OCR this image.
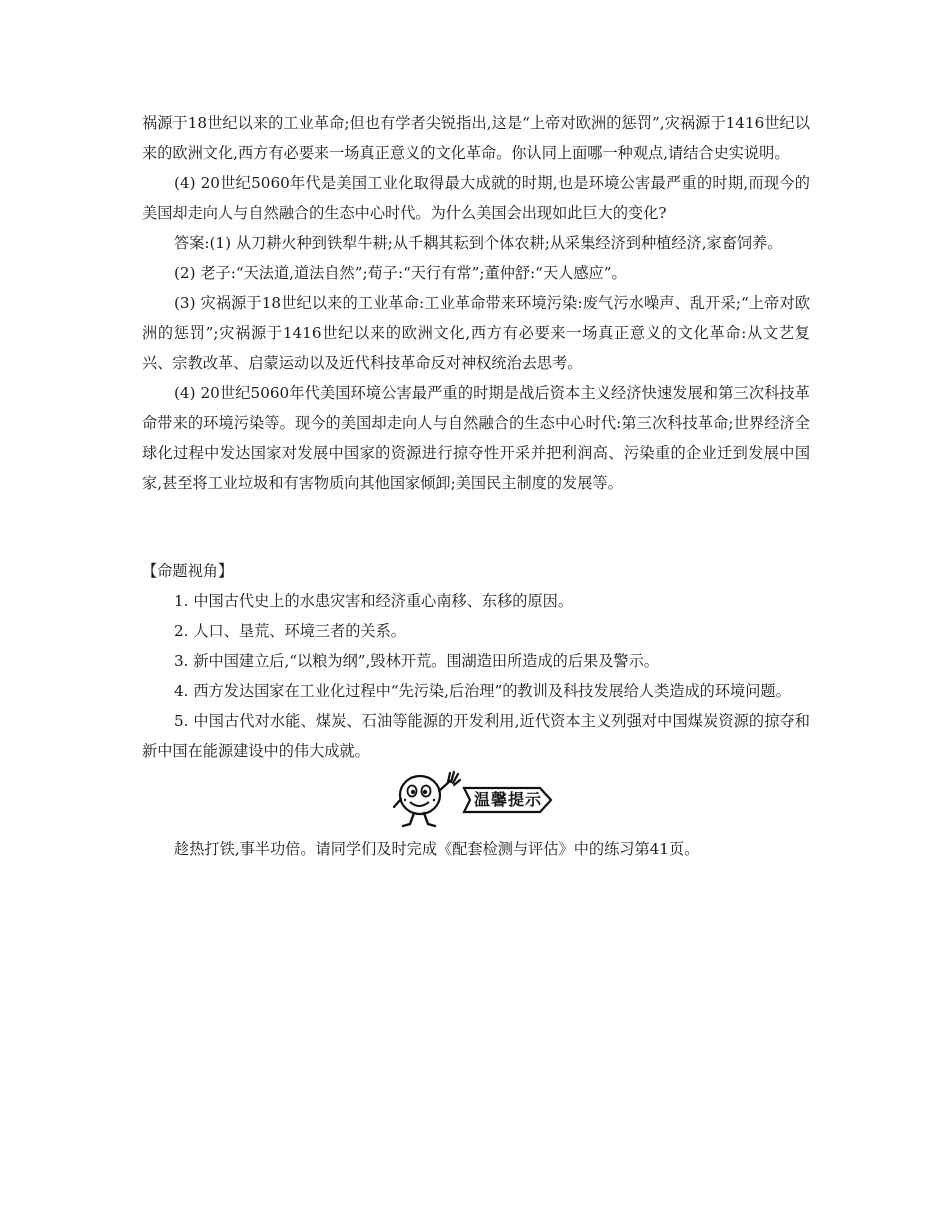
祸源于18世纪以来的工业革命;但也有学者尖锐指出,这是“上帝对欧洲的惩罚”,灾祸源于1416世纪以来的欧洲文化,西方有必要来一场真正意义的文化革命。你认同上面哪一种观点,请结合史实说明。

(4) 20世纪5060年代是美国工业化取得最大成就的时期,也是环境公害最严重的时期,而现今的美国却走向人与自然融合的生态中心时代。为什么美国会出现如此巨大的变化?

答案:(1) 从刀耕火种到铁犁牛耕;从千耦其耘到个体农耕;从采集经济到种植经济,家畜饲养。

(2) 老子:“天法道,道法自然”;荀子:“天行有常”;董仲舒:“天人感应”。

(3) 灾祸源于18世纪以来的工业革命:工业革命带来环境污染:废气污水噪声、乱开采;“上帝对欧洲的惩罚”;灾祸源于1416世纪以来的欧洲文化,西方有必要来一场真正意义的文化革命:从文艺复兴、宗教改革、启蒙运动以及近代科技革命反对神权统治去思考。

(4) 20世纪5060年代美国环境公害最严重的时期是战后资本主义经济快速发展和第三次科技革命带来的环境污染等。现今的美国却走向人与自然融合的生态中心时代:第三次科技革命;世界经济全球化过程中发达国家对发展中国家的资源进行掠夺性开采并把利润高、污染重的企业迁到发展中国家,甚至将工业垃圾和有害物质向其他国家倾卸;美国民主制度的发展等。

【命题视角】

1. 中国古代史上的水患灾害和经济重心南移、东移的原因。

2. 人口、垦荒、环境三者的关系。

3. 新中国建立后,“以粮为纲”,毁林开荒。围湖造田所造成的后果及警示。

4. 西方发达国家在工业化过程中“先污染,后治理”的教训及科技发展给人类造成的环境问题。

5. 中国古代对水能、煤炭、石油等能源的开发利用,近代资本主义列强对中国煤炭资源的掠夺和新中国在能源建设中的伟大成就。

温馨提示

趁热打铁,事半功倍。请同学们及时完成《配套检测与评估》中的练习第41页。
